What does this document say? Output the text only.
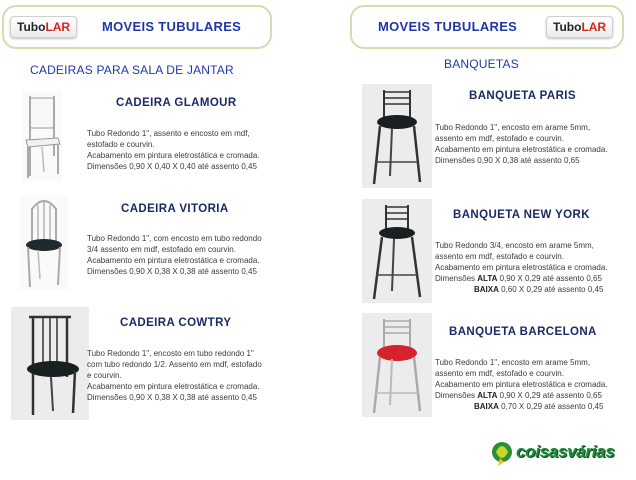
TuboLAR	MOVEIS TUBULARES	MOVEIS TUBULARES	TuboLAR
CADEIRAS PARA SALA DE JANTAR	BANQUETAS
CADEIRA GLAMOUR
Tubo Redondo 1", assento e encosto em mdf,
estofado e courvin.
Acabamento em pintura eletrostática e cromada.
Dimensões 0,90 X 0,40 X 0,40 até assento 0,45
CADEIRA VITORIA
Tubo Redondo 1", com encosto em tubo redondo
3/4 assento em mdf, estofado em courvin.
Acabamento em pintura eletrostática e cromada.
Dimensões 0,90 X 0,38 X 0,38 até assento 0,45
CADEIRA COWTRY
Tubo Redondo 1", encosto em tubo redondo 1"
com tubo redondo 1/2. Assento em mdf, estofado
e courvin.
Acabamento em pintura eletrostática e cromada.
Dimensões 0,90 X 0,38 X 0,38 até assento 0,45
BANQUETA PARIS
Tubo Redondo 1", encosto em arame 5mm,
assento em mdf, estofado e courvin.
Acabamento em pintura eletrostática e cromada.
Dimensões 0,90 X 0,38 até assento 0,65
BANQUETA NEW YORK
Tubo Redondo 3/4, encosto em arame 5mm,
assento em mdf, estofado e courvin.
Acabamento em pintura eletrostática e cromada.
Dimensões ALTA 0,90 X 0,29 até assento 0,65
BAIXA 0,60 X 0,29 até assento 0,45
BANQUETA BARCELONA
Tubo Redondo 1", encosto em arame 5mm,
assento em mdf, estofado e courvin.
Acabamento em pintura eletrostática e cromada.
Dimensões ALTA 0,90 X 0,29 até assento 0,65
BAIXA 0,70 X 0,29 até assento 0,45
coisasvárias
